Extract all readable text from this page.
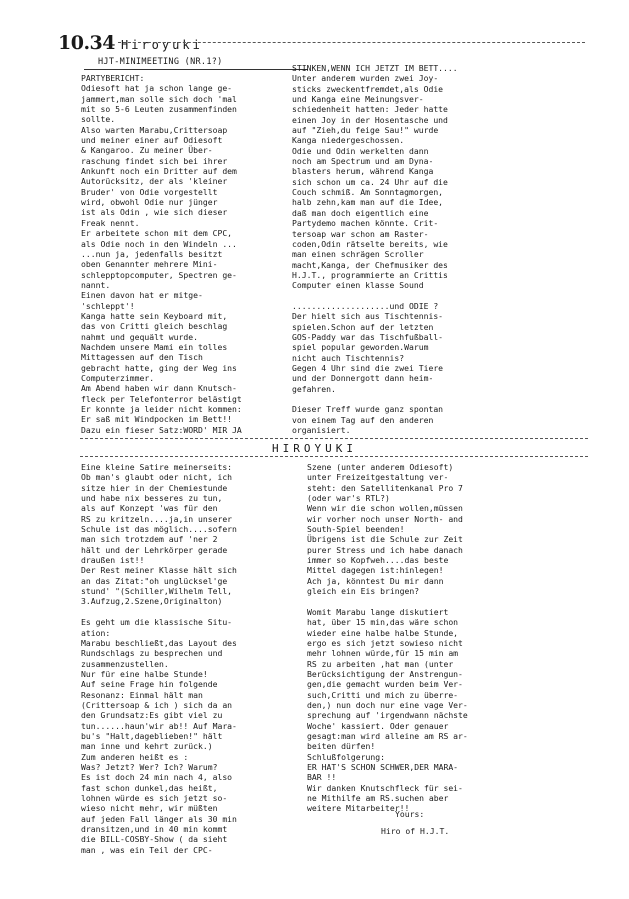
10.34 Hiroyuki
HJT-MINIMEETING (NR.1?)
PARTYBERICHT:
Odiesoft hat ja schon lange ge-
jammert,man solle sich doch 'mal
mit so 5-6 Leuten zusammenfinden
sollte.
Also warten Marabu,Crittersoap
und meiner einer auf Odiesoft
& Kangaroo. Zu meiner Über-
raschung findet sich bei ihrer
Ankunft noch ein Dritter auf dem
Autorücksitz, der als 'kleiner
Bruder' von Odie vorgestellt
wird, obwohl Odie nur jünger
ist als Odin , wie sich dieser
Freak nennt.
Er arbeitete schon mit dem CPC,
als Odie noch in den Windeln ...
...nun ja, jedenfalls besitzt
oben Genannter mehrere Mini-
schlepptopcomputer, Spectren ge-
nannt.
Einen davon hat er mitge-
'schleppt'!
Kanga hatte sein Keyboard mit,
das von Critti gleich beschlag
nahmt und gequält wurde.
Nachdem unsere Mami ein tolles
Mittagessen auf den Tisch
gebracht hatte, ging der Weg ins
Computerzimmer.
Am Abend haben wir dann Knutsch-
fleck per Telefonterror belästigt
Er konnte ja leider nicht kommen:
Er saß mit Windpocken im Bett!!
Dazu ein fieser Satz:WORD' MIR JA
STINKEN,WENN ICH JETZT IM BETT....
Unter anderem wurden zwei Joy-
sticks zweckentfremdet,als Odie
und Kanga eine Meinungsver-
schiedenheit hatten: Jeder hatte
einen Joy in der Hosentasche und
auf "Zieh,du feige Sau!" wurde
Kanga niedergeschossen.
Odie und Odin werkelten dann
noch am Spectrum und am Dyna-
blasters herum, während Kanga
sich schon um ca. 24 Uhr auf die
Couch schmiß. Am Sonntagmorgen,
halb zehn,kam man auf die Idee,
daß man doch eigentlich eine
Partydemo machen könnte. Crit-
tersoap war schon am Raster-
coden,Odin rätselte bereits, wie
man einen schrägen Scroller
macht,Kanga, der Chefmusiker des
H.J.T., programmierte an Crittis
Computer einen klasse Sound

....................und ODIE ?
Der hielt sich aus Tischtennis-
spielen.Schon auf der letzten
GOS-Paddy war das Tischfußball-
spiel popular geworden.Warum
nicht auch Tischtennis?
Gegen 4 Uhr sind die zwei Tiere
und der Donnergott dann heim-
gefahren.

Dieser Treff wurde ganz spontan
von einem Tag auf den anderen
organisiert.
HIROYUKI
Eine kleine Satire meinerseits:
Ob man's glaubt oder nicht, ich
sitze hier in der Chemiestunde
und habe nix besseres zu tun,
als auf Konzept 'was für den
RS zu kritzeln....ja,in unserer
Schule ist das möglich....sofern
man sich trotzdem auf 'ner 2
hält und der Lehrkörper gerade
draußen ist!!
Der Rest meiner Klasse hält sich
an das Zitat:"oh unglücksel'ge
stund' "(Schiller,Wilhelm Tell,
3.Aufzug,2.Szene,Originalton)

Es geht um die klassische Situ-
ation:
Marabu beschließt,das Layout des
Rundschlags zu besprechen und
zusammenzustellen.
Nur für eine halbe Stunde!
Auf seine Frage hin folgende
Resonanz: Einmal hält man
(Crittersoap & ich ) sich da an
den Grundsatz:Es gibt viel zu
tun......haun'wir ab!! Auf Mara-
bu's "Halt,dageblieben!" hält
man inne und kehrt zurück.)
Zum anderen heißt es :
Was? Jetzt? Wer? Ich? Warum?
Es ist doch 24 min nach 4, also
fast schon dunkel,das heißt,
lohnen würde es sich jetzt so-
wieso nicht mehr, wir müßten
auf jeden Fall länger als 30 min
dransitzen,und in 40 min kommt
die BILL-COSBY-Show ( da sieht
man , was ein Teil der CPC-
Szene (unter anderem Odiesoft)
unter Freizeitgestaltung ver-
steht: den Satellitenkanal Pro 7
(oder war's RTL?)
Wenn wir die schon wollen,müssen
wir vorher noch unser North- and
South-Spiel beenden!
Übrigens ist die Schule zur Zeit
purer Stress und ich habe danach
immer so Kopfweh....das beste
Mittel dagegen ist:hinlegen!
Ach ja, könntest Du mir dann
gleich ein Eis bringen?

Womit Marabu lange diskutiert
hat, über 15 min,das wäre schon
wieder eine halbe halbe Stunde,
ergo es sich jetzt sowieso nicht
mehr lohnen würde,für 15 min am
RS zu arbeiten ,hat man (unter
Berücksichtigung der Anstrengun-
gen,die gemacht wurden beim Ver-
such,Critti und mich zu überre-
den,) nun doch nur eine vage Ver-
sprechung auf 'irgendwann nächste
Woche' kassiert. Oder genauer
gesagt:man wird alleine am RS ar-
beiten dürfen!
Schlußfolgerung:
ER HAT'S SCHON SCHWER,DER MARA-
BAR !!
Wir danken Knutschfleck für sei-
ne Mithilfe am RS.suchen aber
weitere Mitarbeiter!!
Yours:
Hiro of H.J.T.
